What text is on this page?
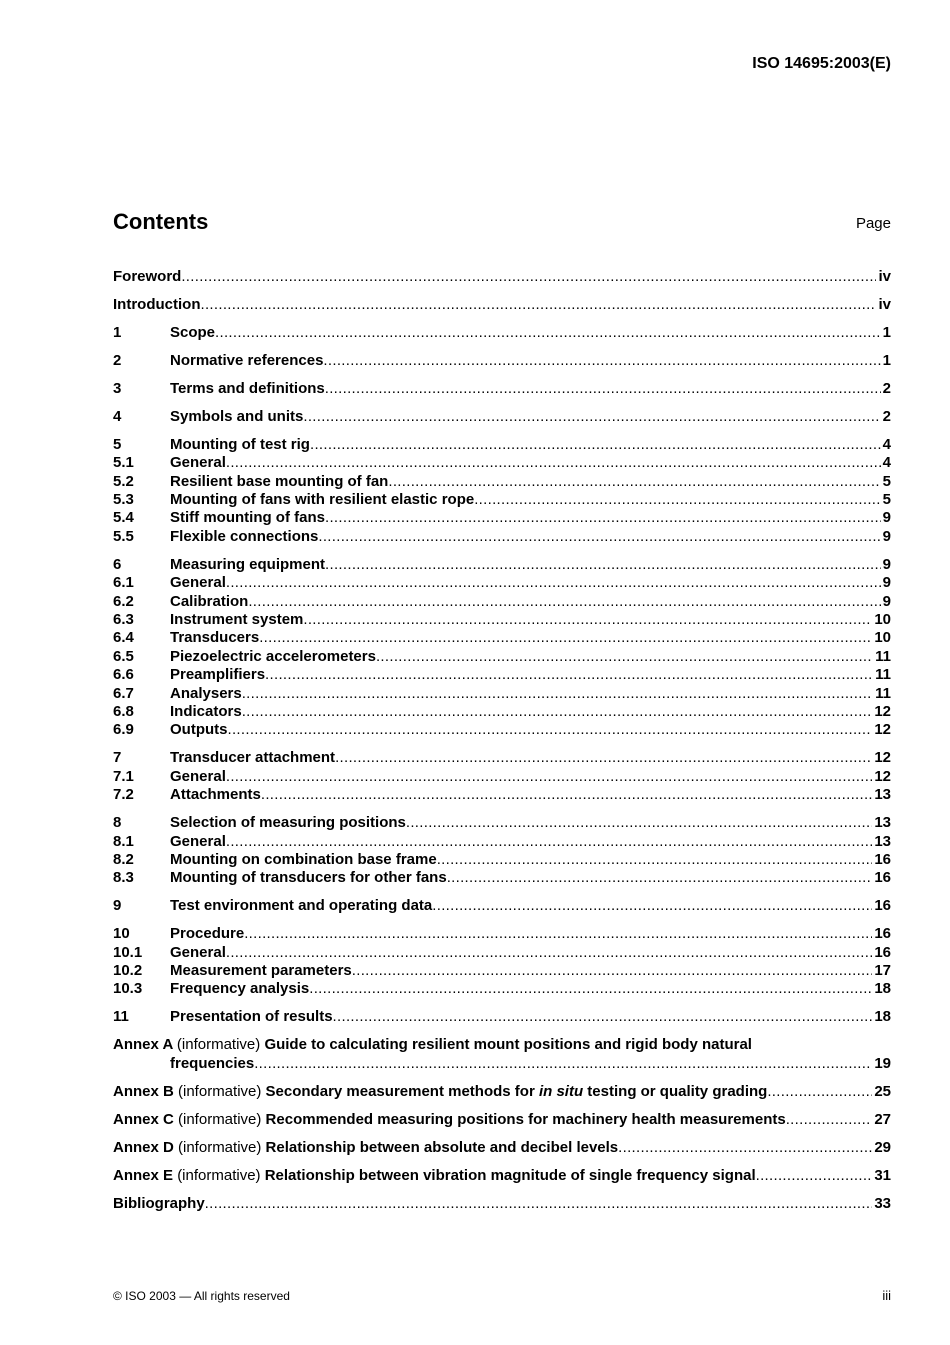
ISO 14695:2003(E)
Contents	Page
Foreword .....	iv
Introduction .....	iv
1	Scope .....	1
2	Normative references .....	1
3	Terms and definitions .....	2
4	Symbols and units .....	2
5	Mounting of test rig .....	4
5.1	General .....	4
5.2	Resilient base mounting of fan .....	5
5.3	Mounting of fans with resilient elastic rope .....	5
5.4	Stiff mounting of fans .....	9
5.5	Flexible connections .....	9
6	Measuring equipment .....	9
6.1	General .....	9
6.2	Calibration .....	9
6.3	Instrument system .....	10
6.4	Transducers .....	10
6.5	Piezoelectric accelerometers .....	11
6.6	Preamplifiers .....	11
6.7	Analysers .....	11
6.8	Indicators .....	12
6.9	Outputs .....	12
7	Transducer attachment .....	12
7.1	General .....	12
7.2	Attachments .....	13
8	Selection of measuring positions .....	13
8.1	General .....	13
8.2	Mounting on combination base frame .....	16
8.3	Mounting of transducers for other fans .....	16
9	Test environment and operating data .....	16
10	Procedure .....	16
10.1	General .....	16
10.2	Measurement parameters .....	17
10.3	Frequency analysis .....	18
11	Presentation of results .....	18
Annex A (informative) Guide to calculating resilient mount positions and rigid body natural
frequencies .....	19
Annex B (informative) Secondary measurement methods for in situ testing or quality grading .....	25
Annex C (informative) Recommended measuring positions for machinery health measurements .....	27
Annex D (informative) Relationship between absolute and decibel levels .....	29
Annex E (informative) Relationship between vibration magnitude of single frequency signal .....	31
Bibliography .....	33
© ISO 2003 — All rights reserved	iii
